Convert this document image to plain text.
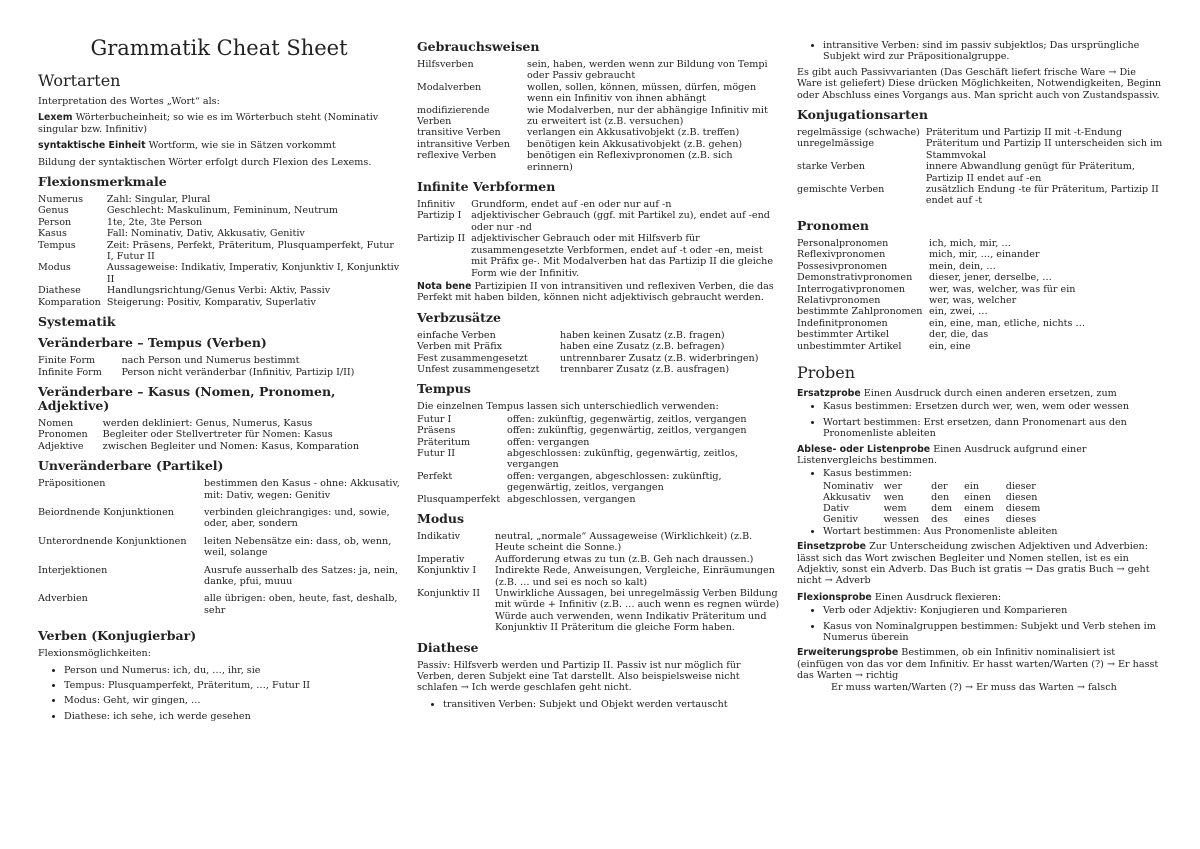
Grammatik Cheat Sheet
Wortarten

Interpretation des Wortes „Wort“ als:

Lexem Wörterbucheinheit; so wie es im Wörterbuch steht (Nominativ singular bzw. Infinitiv)

syntaktische Einheit Wortform, wie sie in Sätzen vorkommt

Bildung der syntaktischen Wörter erfolgt durch Flexion des Lexems.

Flexionsmerkmale
Numerus	Zahl: Singular, Plural
Genus	Geschlecht: Maskulinum, Femininum, Neutrum
Person	1te, 2te, 3te Person
Kasus	Fall: Nominativ, Dativ, Akkusativ, Genitiv
Tempus	Zeit: Präsens, Perfekt, Präteritum, Plusquamperfekt, Futur I, Futur II
Modus	Aussageweise: Indikativ, Imperativ, Konjunktiv I, Konjunktiv II
Diathese	Handlungsrichtung/Genus Verbi: Aktiv, Passiv
Komparation	Steigerung: Positiv, Komparativ, Superlativ
Systematik
Veränderbare – Tempus (Verben)
Finite Form	nach Person und Numerus bestimmt
Infinite Form	Person nicht veränderbar (Infinitiv, Partizip I/II)
Veränderbare – Kasus (Nomen, Pronomen, Adjektive)
Nomen	werden dekliniert: Genus, Numerus, Kasus
Pronomen	Begleiter oder Stellvertreter für Nomen: Kasus
Adjektive	zwischen Begleiter und Nomen: Kasus, Komparation
Unveränderbare (Partikel)
Präpositionen	bestimmen den Kasus - ohne: Akkusativ, mit: Dativ, wegen: Genitiv
Beiordnende Konjunktionen	verbinden gleichrangiges: und, sowie, oder, aber, sondern
Unterordnende Konjunktionen	leiten Nebensätze ein: dass, ob, wenn, weil, solange
Interjektionen	Ausrufe ausserhalb des Satzes: ja, nein, danke, pfui, muuu
Adverbien	alle übrigen: oben, heute, fast, deshalb, sehr
Verben (Konjugierbar)

Flexionsmöglichkeiten:

• Person und Numerus: ich, du, …, ihr, sie
• Tempus: Plusquamperfekt, Präteritum, …, Futur II
• Modus: Geht, wir gingen, …
• Diathese: ich sehe, ich werde gesehen
Gebrauchsweisen
Hilfsverben	sein, haben, werden wenn zur Bildung von Tempi oder Passiv gebraucht
Modalverben	wollen, sollen, können, müssen, dürfen, mögen wenn ein Infinitiv von ihnen abhängt
modifizierende Verben	wie Modalverben, nur der abhängige Infinitiv mit zu erweitert ist (z.B. versuchen)
transitive Verben	verlangen ein Akkusativobjekt (z.B. treffen)
intransitive Verben	benötigen kein Akkusativobjekt (z.B. gehen)
reflexive Verben	benötigen ein Reflexivpronomen (z.B. sich erinnern)
Infinite Verbformen
Infinitiv	Grundform, endet auf -en oder nur auf -n
Partizip I	adjektivischer Gebrauch (ggf. mit Partikel zu), endet auf -end oder nur -nd
Partizip II	adjektivischer Gebrauch oder mit Hilfsverb für zusammengesetzte Verbformen, endet auf -t oder -en, meist mit Präfix ge-. Mit Modalverben hat das Partizip II die gleiche Form wie der Infinitiv.

Nota bene Partizipien II von intransitiven und reflexiven Verben, die das Perfekt mit haben bilden, können nicht adjektivisch gebraucht werden.

Verbzusätze
einfache Verben	haben keinen Zusatz (z.B. fragen)
Verben mit Präfix	haben eine Zusatz (z.B. befragen)
Fest zusammengesetzt	untrennbarer Zusatz (z.B. widerbringen)
Unfest zusammengesetzt	trennbarer Zusatz (z.B. ausfragen)
Tempus

Die einzelnen Tempus lassen sich unterschiedlich verwenden:

Futur I	offen: zukünftig, gegenwärtig, zeitlos, vergangen
Präsens	offen: zukünftig, gegenwärtig, zeitlos, vergangen
Präteritum	offen: vergangen
Futur II	abgeschlossen: zukünftig, gegenwärtig, zeitlos, vergangen
Perfekt	offen: vergangen, abgeschlossen: zukünftig, gegenwärtig, zeitlos, vergangen
Plusquamperfekt	abgeschlossen, vergangen
Modus
Indikativ	neutral, „normale“ Aussageweise (Wirklichkeit) (z.B. Heute scheint die Sonne.)
Imperativ	Aufforderung etwas zu tun (z.B. Geh nach draussen.)
Konjunktiv I	Indirekte Rede, Anweisungen, Vergleiche, Einräumungen (z.B. … und sei es noch so kalt)
Konjunktiv II	Unwirkliche Aussagen, bei unregelmässig Verben Bildung mit würde + Infinitiv (z.B. … auch wenn es regnen würde) Würde auch verwenden, wenn Indikativ Präteritum und Konjunktiv II Präteritum die gleiche Form haben.
Diathese

Passiv: Hilfsverb werden und Partizip II. Passiv ist nur möglich für Verben, deren Subjekt eine Tat darstellt. Also beispielsweise nicht schlafen → Ich werde geschlafen geht nicht.

• transitiven Verben: Subjekt und Objekt werden vertauscht
• intransitive Verben: sind im passiv subjektlos; Das ursprüngliche Subjekt wird zur Präpositionalgruppe.

Es gibt auch Passivvarianten (Das Geschäft liefert frische Ware → Die Ware ist geliefert) Diese drücken Möglichkeiten, Notwendigkeiten, Beginn oder Abschluss eines Vorgangs aus. Man spricht auch von Zustandspassiv.

Konjugationsarten
regelmässige (schwache)	Präteritum und Partizip II mit -t-Endung
unregelmässige	Präteritum und Partizip II unterscheiden sich im Stammvokal
starke Verben	innere Abwandlung genügt für Präteritum, Partizip II endet auf -en
gemischte Verben	zusätzlich Endung -te für Präteritum, Partizip II endet auf -t
Pronomen
Personalpronomen	ich, mich, mir, …
Reflexivpronomen	mich, mir, …, einander
Possesivpronomen	mein, dein, …
Demonstrativpronomen	dieser, jener, derselbe, …
Interrogativpronomen	wer, was, welcher, was für ein
Relativpronomen	wer, was, welcher
bestimmte Zahlpronomen	ein, zwei, …
Indefinitpronomen	ein, eine, man, etliche, nichts …
bestimmter Artikel	der, die, das
unbestimmter Artikel	ein, eine
Proben

Ersatzprobe Einen Ausdruck durch einen anderen ersetzen, zum

• Kasus bestimmen: Ersetzen durch wer, wen, wem oder wessen
• Wortart bestimmen: Erst ersetzen, dann Pronomenart aus den Pronomenliste ableiten

Ablese- oder Listenprobe Einen Ausdruck aufgrund einer Listenvergleichs bestimmen.

• Kasus bestimmen:
Nominativ	wer	der	ein	dieser
Akkusativ	wen	den	einen	diesen
Dativ	wem	dem	einem	diesem
Genitiv	wessen	des	eines	dieses
• Wortart bestimmen: Aus Pronomenliste ableiten

Einsetzprobe Zur Unterscheidung zwischen Adjektiven und Adverbien: lässt sich das Wort zwischen Begleiter und Nomen stellen, ist es ein Adjektiv, sonst ein Adverb. Das Buch ist gratis → Das gratis Buch → geht nicht → Adverb

Flexionsprobe Einen Ausdruck flexieren:

• Verb oder Adjektiv: Konjugieren und Komparieren
• Kasus von Nominalgruppen bestimmen: Subjekt und Verb stehen im Numerus überein

Erweiterungsprobe Bestimmen, ob ein Infinitiv nominalisiert ist (einfügen von das vor dem Infinitiv. Er hasst warten/Warten (?) → Er hasst das Warten → richtig

Er muss warten/Warten (?) → Er muss das Warten → falsch
